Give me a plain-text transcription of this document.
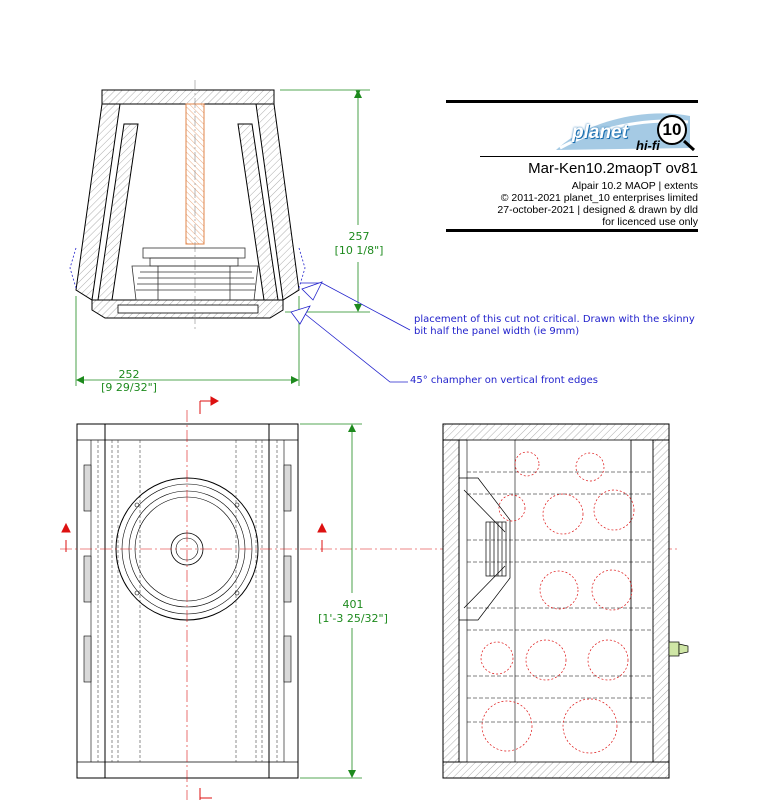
planet 10
hi-fi
Mar-Ken10.2maopT ov81
Alpair 10.2 MAOP | extents
© 2011-2021 planet_10 enterprises limited
27-october-2021 | designed & drawn by dld
for licenced use only
257
[10 1/8"]
252
[9 29/32"]
401
[1'-3 25/32"]
placement of this cut not critical. Drawn with the skinny bit half the panel width (ie 9mm)
45° champher on vertical front edges
